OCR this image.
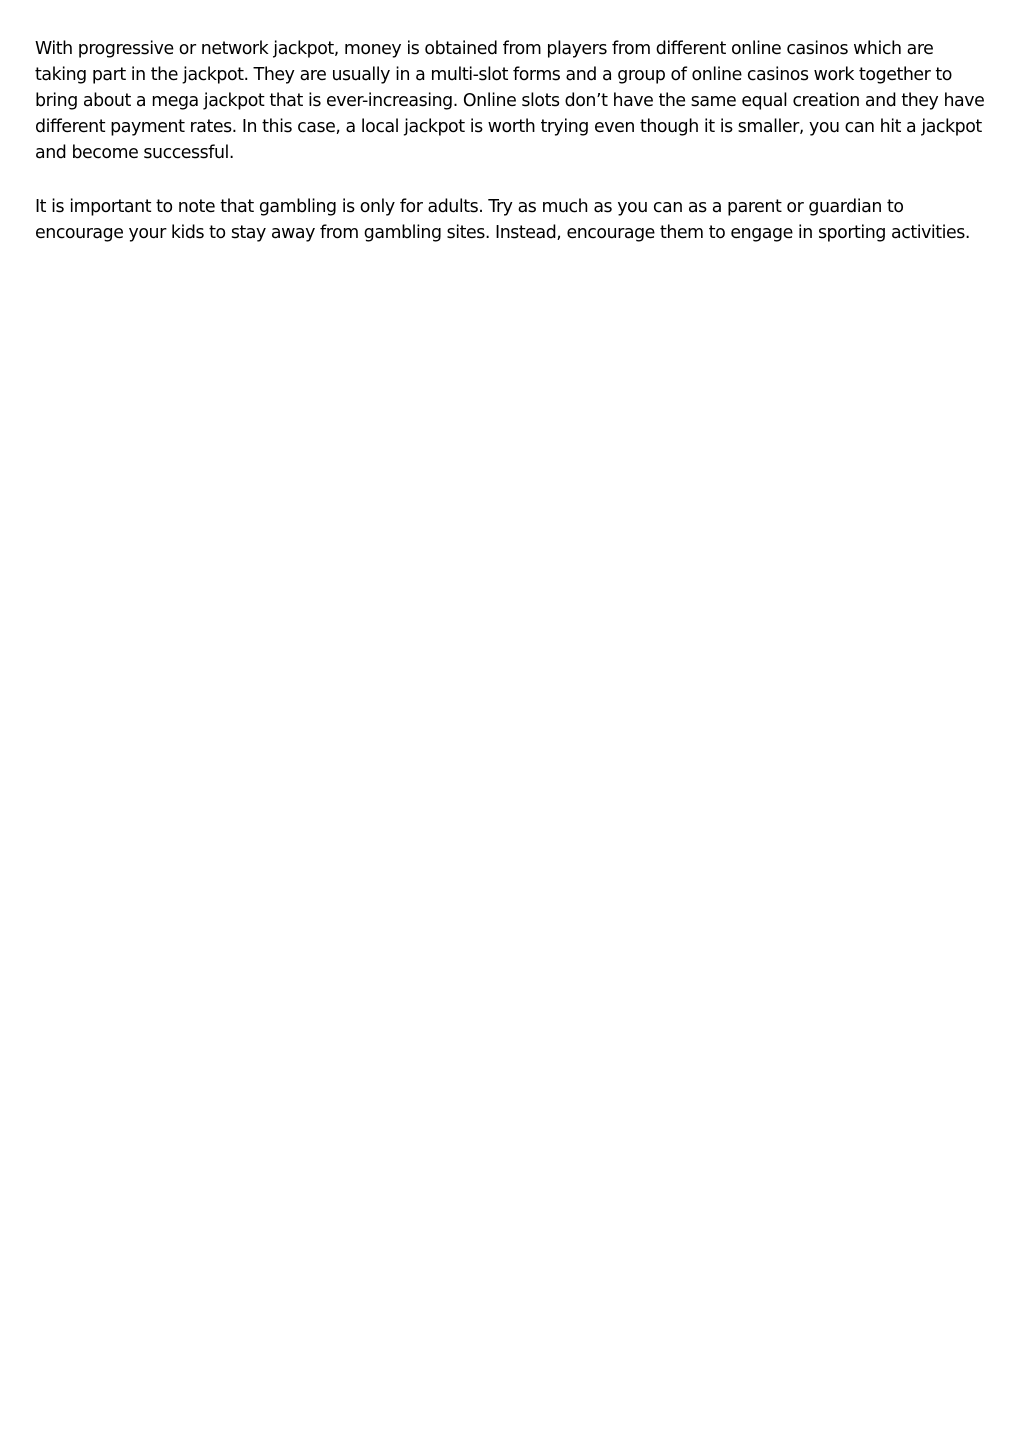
With progressive or network jackpot, money is obtained from players from different online casinos which are
taking part in the jackpot. They are usually in a multi-slot forms and a group of online casinos work together to
bring about a mega jackpot that is ever-increasing. Online slots don’t have the same equal creation and they have
different payment rates. In this case, a local jackpot is worth trying even though it is smaller, you can hit a jackpot
and become successful.

It is important to note that gambling is only for adults. Try as much as you can as a parent or guardian to
encourage your kids to stay away from gambling sites. Instead, encourage them to engage in sporting activities.
